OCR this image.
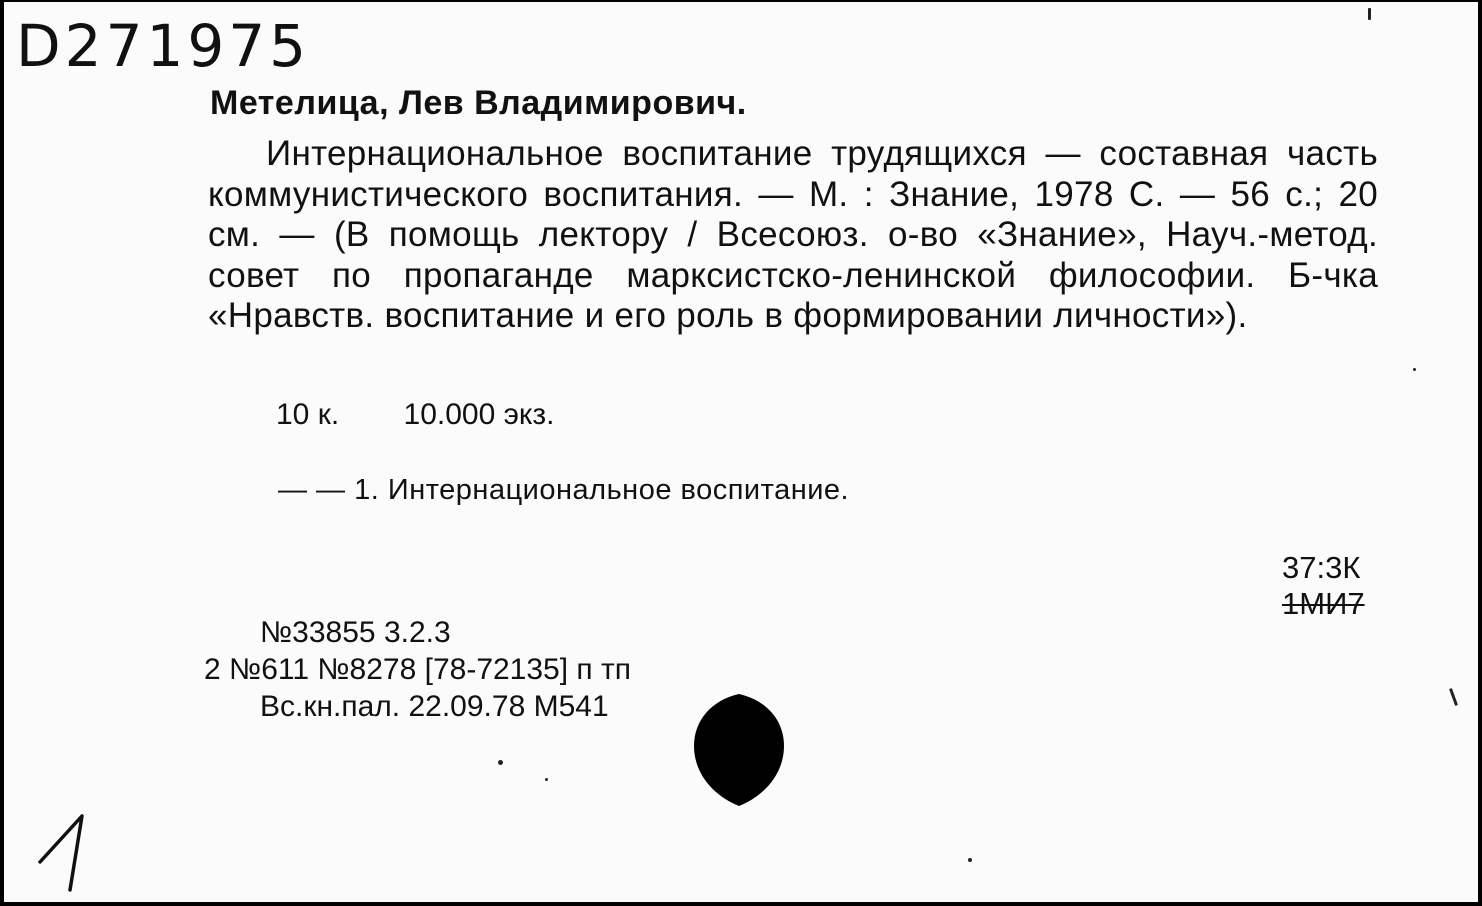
D271975
Метелица, Лев Владимирович.
Интернациональное воспитание трудящихся — составная часть коммунистического воспитания. — М. : Знание, 1978 С. — 56 с.; 20 см. — (В помощь лектору / Всесоюз. о-во «Знание», Науч.-метод. совет по пропаганде марксистско-ленинской философии. Б-чка «Нравств. воспитание и его роль в формировании личности»).
10 к. 10.000 экз.
— — 1. Интернациональное воспитание.
37:3К
1МИ7
№33855 3.2.3
2 №611 №8278 [78-72135] п тп
Вс.кн.пал. 22.09.78 М541
